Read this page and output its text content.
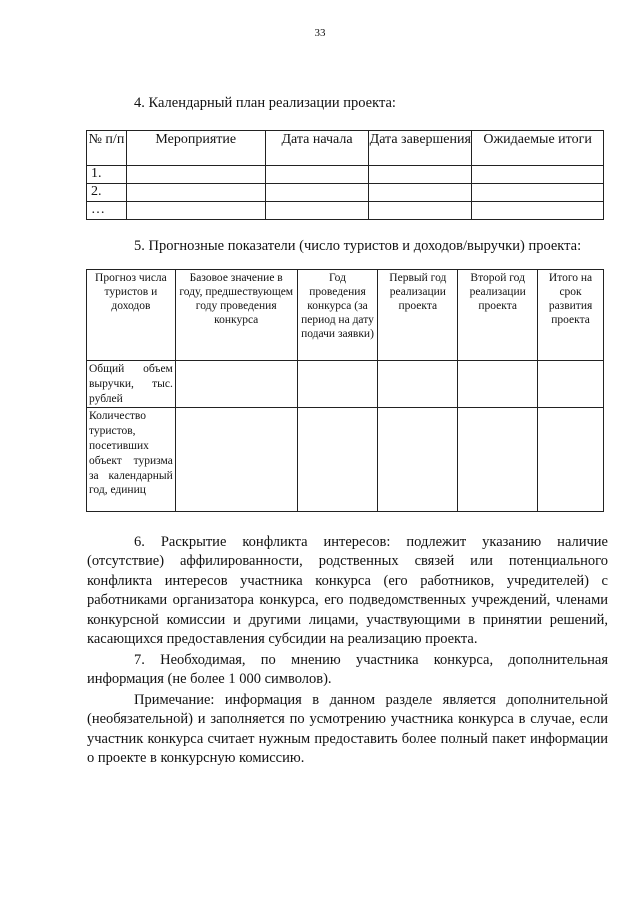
33
4. Календарный план реализации проекта:
№ п/п	Мероприятие	Дата начала	Дата завершения	Ожидаемые итоги
1.				
2.				
…				
5. Прогнозные показатели (число туристов и доходов/выручки) проекта:
Прогноз числа туристов и доходов	Базовое значение в году, предшествующем году проведения конкурса	Год проведения конкурса (за период на дату подачи заявки)	Первый год реализации проекта	Второй год реализации проекта	Итого на срок развития проекта
Общий объем выручки, тыс. рублей					
Количество туристов, посетивших объект туризма за календарный год, единиц					

6. Раскрытие конфликта интересов: подлежит указанию наличие (отсутствие) аффилированности, родственных связей или потенциального конфликта интересов участника конкурса (его работников, учредителей) с работниками организатора конкурса, его подведомственных учреждений, членами конкурсной комиссии и другими лицами, участвующими в принятии решений, касающихся предоставления субсидии на реализацию проекта.

7. Необходимая, по мнению участника конкурса, дополнительная информация (не более 1 000 символов).

Примечание: информация в данном разделе является дополнительной (необязательной) и заполняется по усмотрению участника конкурса в случае, если участник конкурса считает нужным предоставить более полный пакет информации о проекте в конкурсную комиссию.
